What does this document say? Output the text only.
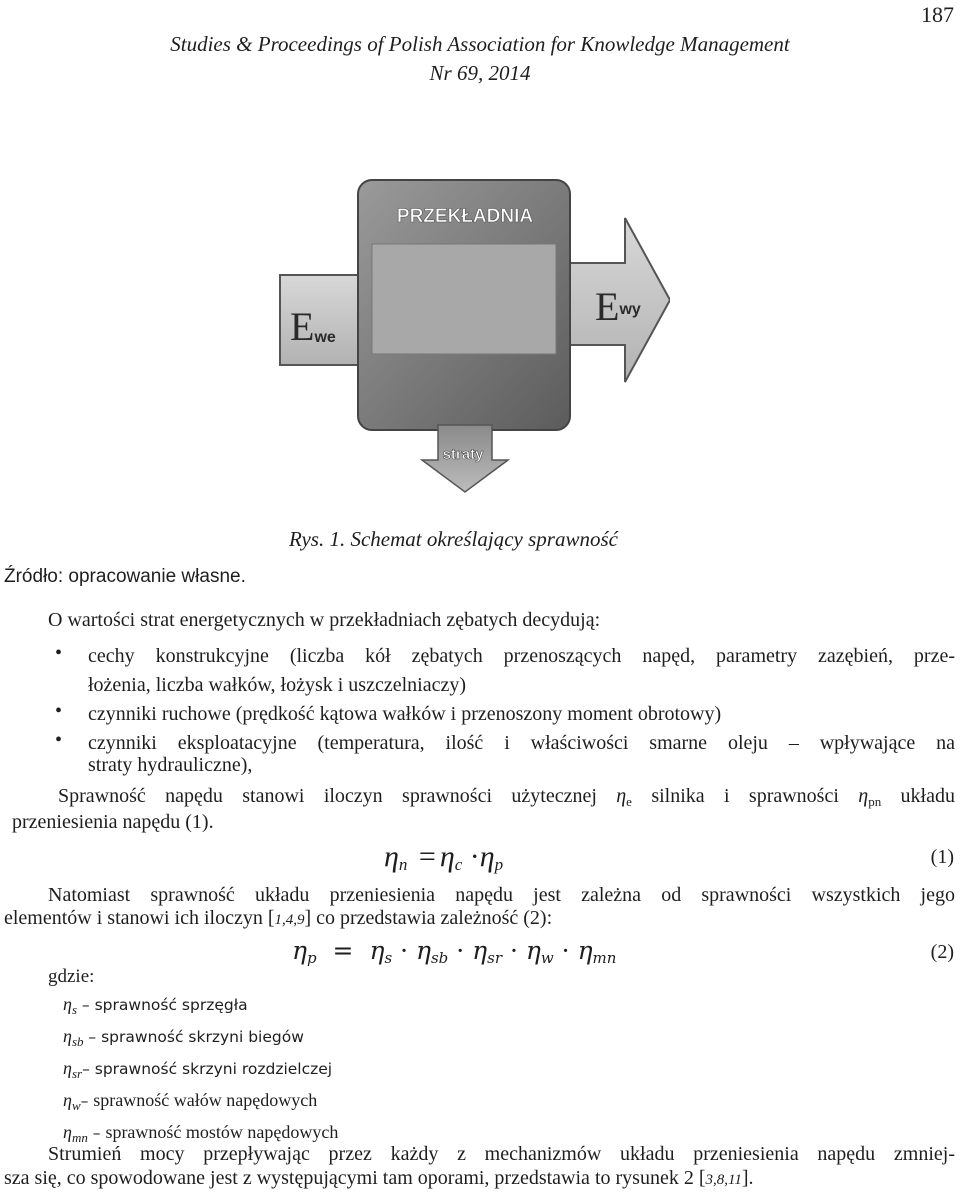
187
Studies & Proceedings of Polish Association for Knowledge Management
Nr 69, 2014
PRZEKŁADNIA
Ewe
Ewy
straty
Rys. 1. Schemat określający sprawność
Źródło: opracowanie własne.
O wartości strat energetycznych w przekładniach zębatych decydują:
• cechy konstrukcyjne (liczba kół zębatych przenoszących napęd, parametry zazębień, prze-
łożenia, liczba wałków, łożysk i uszczelniaczy)
• czynniki ruchowe (prędkość kątowa wałków i przenoszony moment obrotowy)
• czynniki eksploatacyjne (temperatura, ilość i właściwości smarne oleju – wpływające na
straty hydrauliczne),
Sprawność napędu stanowi iloczyn sprawności użytecznej $\eta_e$ silnika i sprawności $\eta_{pn}$ układu
przeniesienia napędu (1).
$\eta_n = \eta_c \cdot\eta_p$	(1)
Natomiast sprawność układu przeniesienia napędu jest zależna od sprawności wszystkich jego
elementów i stanowi ich iloczyn [1,4,9] co przedstawia zależność (2):
$\eta_p = \eta_s \cdot \eta_{sb} \cdot \eta_{sr} \cdot \eta_w \cdot \eta_{mn}$	(2)
gdzie:
$\eta_s$ – sprawność sprzęgła
$\eta_{sb}$ – sprawność skrzyni biegów
$\eta_{sr}-$ sprawność skrzyni rozdzielczej
$\eta_w-$ sprawność wałów napędowych
$\eta_{mn}$ – sprawność mostów napędowych
Strumień mocy przepływając przez każdy z mechanizmów układu przeniesienia napędu zmniej-
sza się, co spowodowane jest z występującymi tam oporami, przedstawia to rysunek 2 [3,8,11].
